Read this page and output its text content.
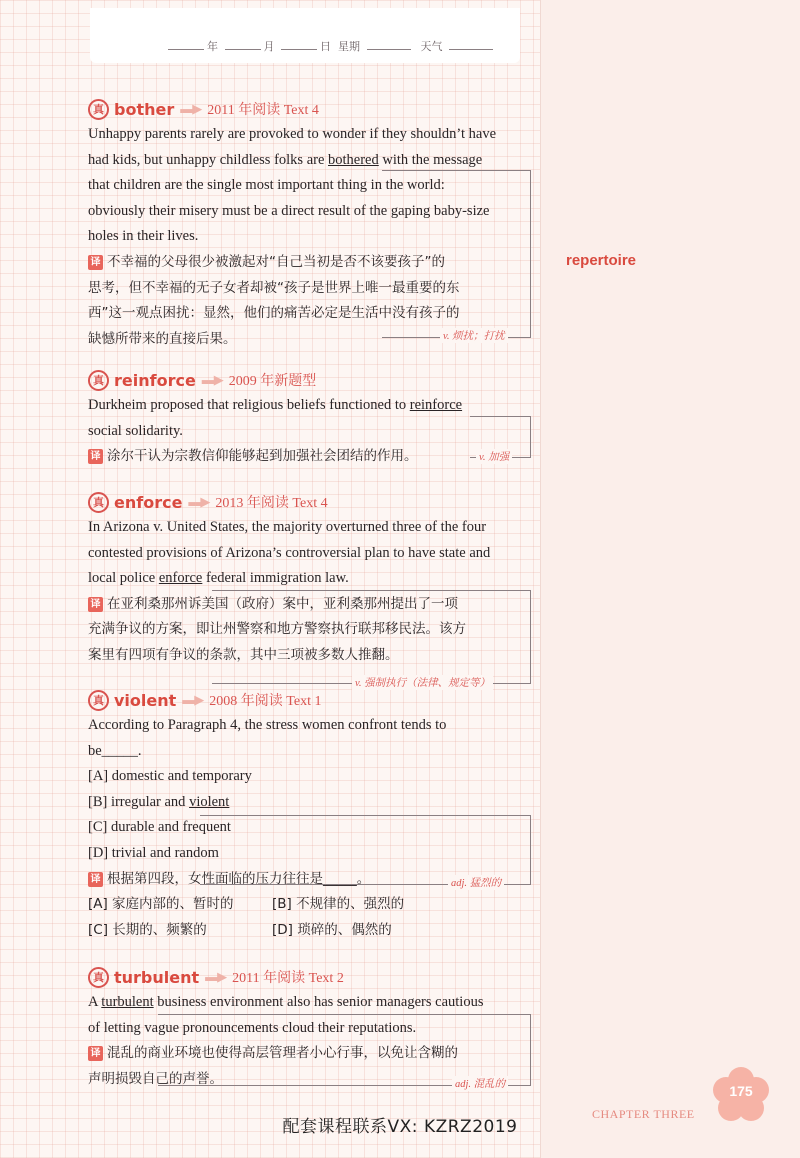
年	月	日 星期	天气
repertoire
真 bother ▬▶ 2011 年阅读 Text 4
Unhappy parents rarely are provoked to wonder if they shouldn’t have
had kids, but unhappy childless folks are bothered with the message
that children are the single most important thing in the world:
obviously their misery must be a direct result of the gaping baby-size
holes in their lives.
译 不幸福的父母很少被激起对“自己当初是否不该要孩子”的
思考，但不幸福的无子女者却被“孩子是世界上唯一最重要的东
西”这一观点困扰：显然，他们的痛苦必定是生活中没有孩子的
缺憾所带来的直接后果。	v. 烦扰；打扰
真 reinforce ▬▶ 2009 年新题型
Durkheim proposed that religious beliefs functioned to reinforce
social solidarity.
译 涂尔干认为宗教信仰能够起到加强社会团结的作用。	v. 加强
真 enforce ▬▶ 2013 年阅读 Text 4
In Arizona v. United States, the majority overturned three of the four
contested provisions of Arizona’s controversial plan to have state and
local police enforce federal immigration law.
译 在亚利桑那州诉美国（政府）案中，亚利桑那州提出了一项
充满争议的方案，即让州警察和地方警察执行联邦移民法。该方
案里有四项有争议的条款，其中三项被多数人推翻。
v. 强制执行（法律、规定等）
真 violent ▬▶ 2008 年阅读 Text 1
According to Paragraph 4, the stress women confront tends to
be_____.
[A] domestic and temporary
[B] irregular and violent
[C] durable and frequent
[D] trivial and random
译 根据第四段，女性面临的压力往往是_____。
[A] 家庭内部的、暂时的	[B] 不规律的、强烈的
[C] 长期的、频繁的	[D] 琐碎的、偶然的
adj. 猛烈的
真 turbulent ▬▶ 2011 年阅读 Text 2
A turbulent business environment also has senior managers cautious
of letting vague pronouncements cloud their reputations.
译 混乱的商业环境也使得高层管理者小心行事，以免让含糊的
声明损毁自己的声誉。	adj. 混乱的	175
CHAPTER THREE
配套课程联系VX: KZRZ2019
